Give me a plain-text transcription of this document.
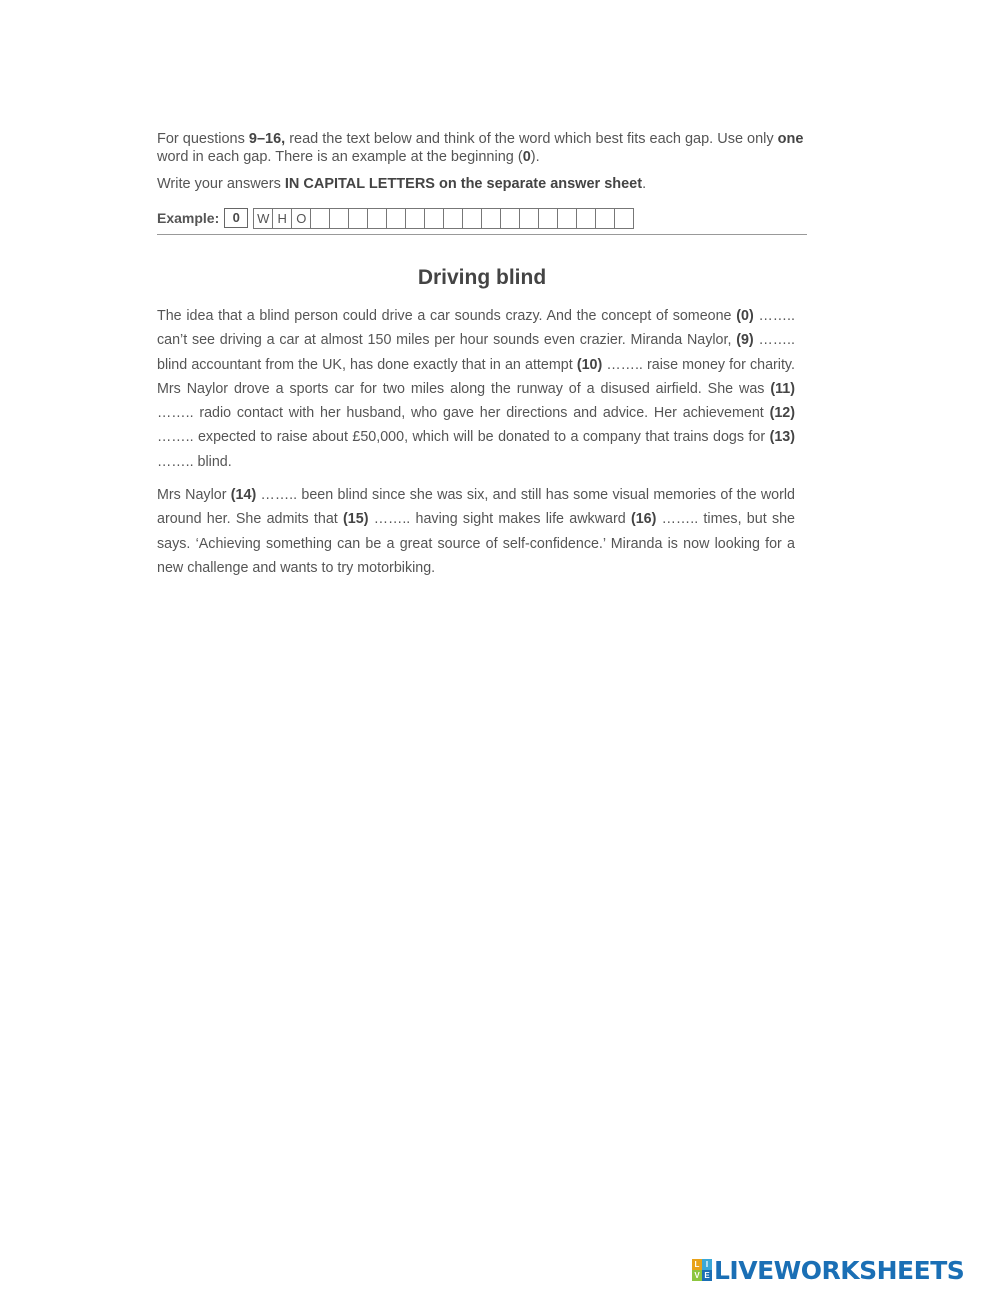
For questions 9–16, read the text below and think of the word which best fits each gap. Use only one word in each gap. There is an example at the beginning (0).

Write your answers IN CAPITAL LETTERS on the separate answer sheet.

Example:	0	W H O
Driving blind

The idea that a blind person could drive a car sounds crazy. And the concept of someone (0) …….. can’t see driving a car at almost 150 miles per hour sounds even crazier. Miranda Naylor, (9) …….. blind accountant from the UK, has done exactly that in an attempt (10) …….. raise money for charity. Mrs Naylor drove a sports car for two miles along the runway of a disused airfield. She was (11) …….. radio contact with her husband, who gave her directions and advice. Her achievement (12) …….. expected to raise about £50,000, which will be donated to a company that trains dogs for (13) …….. blind.

Mrs Naylor (14) …….. been blind since she was six, and still has some visual memories of the world around her. She admits that (15) …….. having sight makes life awkward (16) …….. times, but she says. ‘Achieving something can be a great source of self-confidence.’ Miranda is now looking for a new challenge and wants to try motorbiking.

L I
V E LIVEWORKSHEETS
